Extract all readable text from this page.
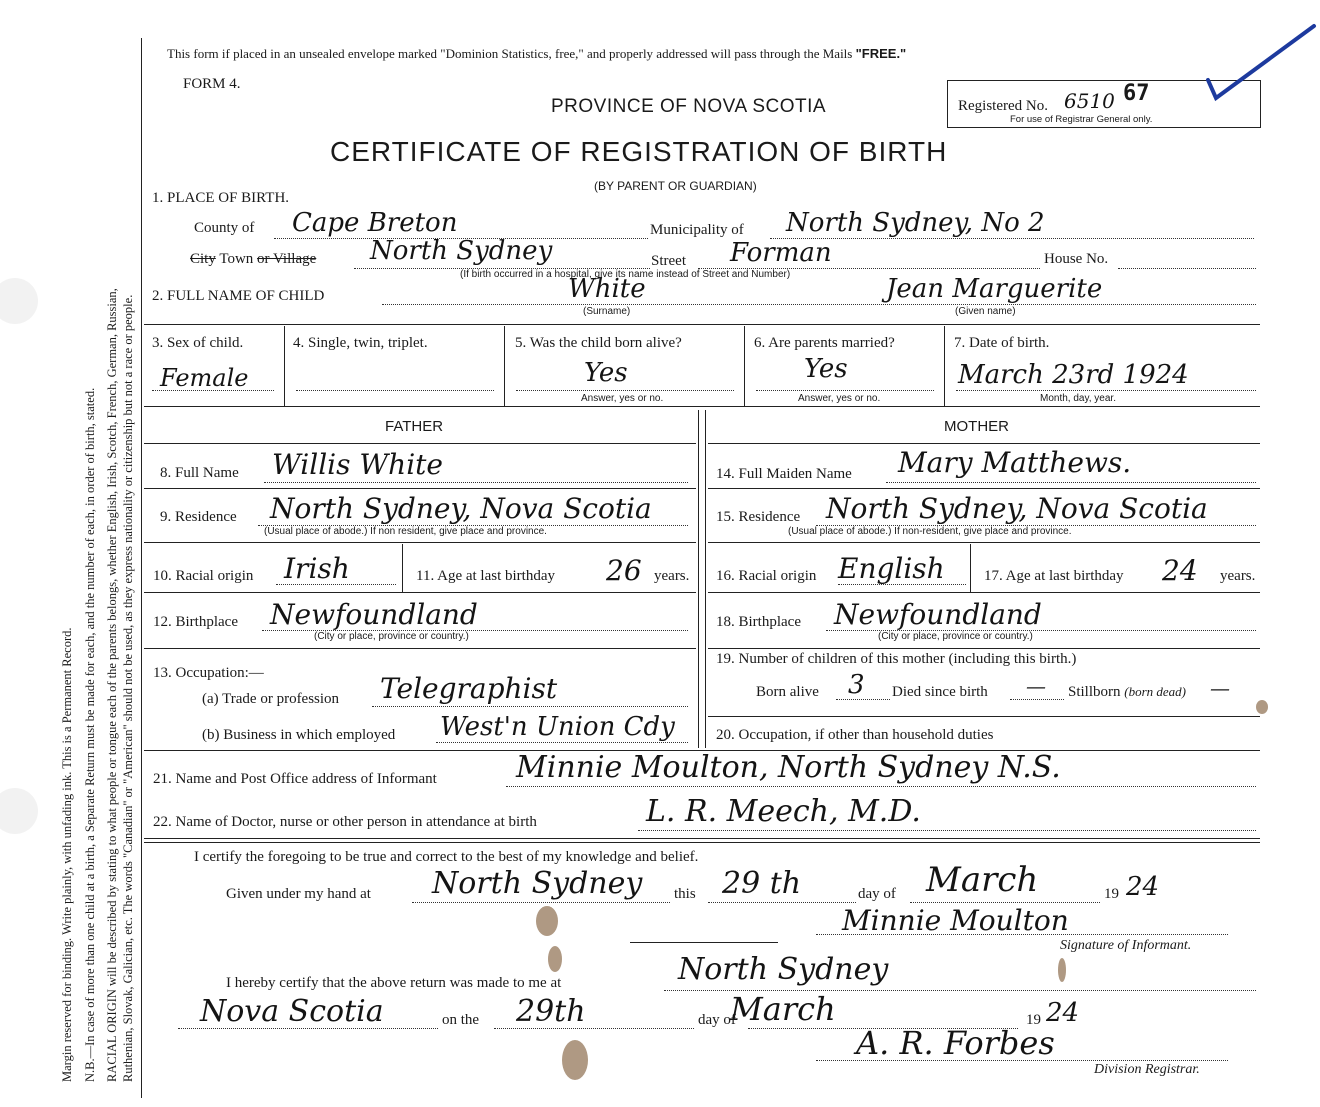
Margin reserved for binding. Write plainly, with unfading ink. This is a Permanent Record. N.B.—In case of more than one child at a birth, a Separate Return must be made for each, and the number of each, in order of birth, stated. RACIAL ORIGIN will be described by stating to what people or tongue each of the parents belongs, whether English, Irish, Scotch, French, German, Russian, Ruthenian, Slovak, Galician, etc. The words "Canadian" or "American" should not be used, as they express nationality or citizenship but not a race or people.
This form if placed in an unsealed envelope marked "Dominion Statistics, free," and properly addressed will pass through the Mails "FREE."
FORM 4.
PROVINCE OF NOVA SCOTIA	Registered No. 6510 67
For use of Registrar General only.
CERTIFICATE OF REGISTRATION OF BIRTH
(BY PARENT OR GUARDIAN)
1. PLACE OF BIRTH.
County of Cape Breton	Municipality of North Sydney, No 2
City Town or Village North Sydney
(If birth occurred in a hospital, give its name instead of Street and Number)
Street Forman	House No.
2. FULL NAME OF CHILD	White
(Surname)
Jean Marguerite
(Given name)
3. Sex of child.
Female
4. Single, twin, triplet.	5. Was the child born alive?
Yes
Answer, yes or no.
6. Are parents married?
Yes
Answer, yes or no.
7. Date of birth.
March 23rd 1924
Month, day, year.
FATHER	MOTHER
8. Full Name Willis White
9. Residence North Sydney, Nova Scotia
(Usual place of abode.) If non resident, give place and province.
10. Racial origin Irish	11. Age at last birthday 26 years.
12. Birthplace Newfoundland
(City or place, province or country.)
13. Occupation:—
(a) Trade or profession Telegraphist
(b) Business in which employed West'n Union Cdy
14. Full Maiden Name Mary Matthews.
15. Residence North Sydney, Nova Scotia
(Usual place of abode.) If non-resident, give place and province.
16. Racial origin English	17. Age at last birthday 24 years.
18. Birthplace Newfoundland
(City or place, province or country.)
19. Number of children of this mother (including this birth.)
Born alive 3 Died since birth — Stillborn (born dead) —
20. Occupation, if other than household duties
21. Name and Post Office address of Informant	Minnie Moulton, North Sydney N.S.
22. Name of Doctor, nurse or other person in attendance at birth	L. R. Meech, M.D.
I certify the foregoing to be true and correct to the best of my knowledge and belief.
Given under my hand at North Sydney this 29 th	day of March	19 24
Minnie Moulton
Signature of Informant.
I hereby certify that the above return was made to me at	North Sydney
Nova Scotia	on the 29th	day of
March	19 24
A. R. Forbes
Division Registrar.
